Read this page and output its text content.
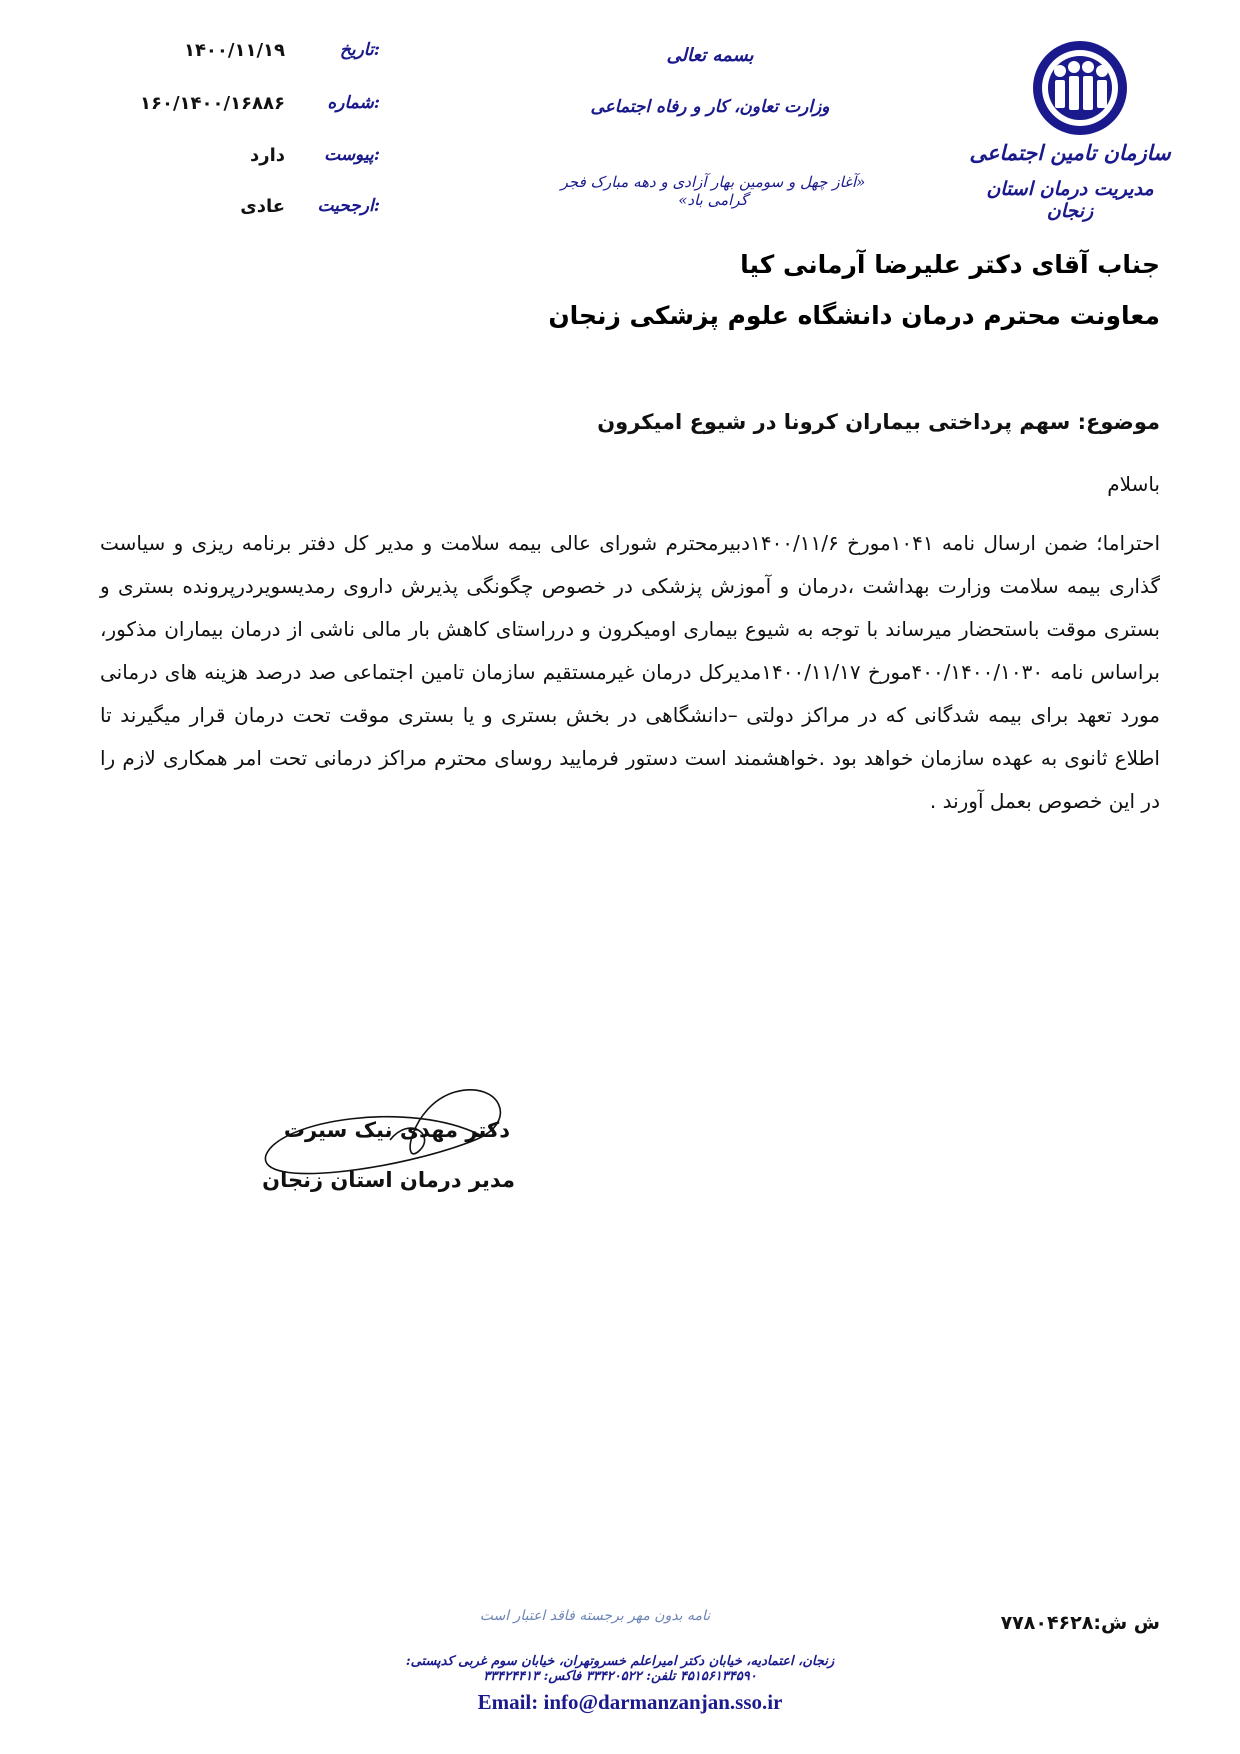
سازمان تامین اجتماعی
مدیریت درمان استان زنجان
بسمه تعالی
وزارت تعاون، کار و رفاه اجتماعی
«آغاز چهل و سومین بهار آزادی و دهه مبارک فجر گرامی باد»
تاریخ:
۱۴۰۰/۱۱/۱۹
شماره:
۱۶۰/۱۴۰۰/۱۶۸۸۶
پیوست:
دارد
ارجحیت:
عادی
جناب آقای دکتر علیرضا آرمانی کیا
معاونت محترم درمان دانشگاه علوم پزشکی زنجان
موضوع: سهم پرداختی بیماران کرونا در شیوع امیکرون
باسلام
احتراما؛ ضمن ارسال نامه ۱۰۴۱مورخ ۱۴۰۰/۱۱/۶دبیرمحترم شورای عالی بیمه سلامت و مدیر کل دفتر برنامه ریزی و سیاست گذاری بیمه سلامت وزارت بهداشت ،درمان و آموزش پزشکی در خصوص چگونگی پذیرش داروی رمدیسویردرپرونده بستری و بستری موقت باستحضار میرساند با توجه به شیوع بیماری اومیکرون و درراستای کاهش بار مالی ناشی از درمان بیماران مذکور، براساس نامه ۴۰۰/۱۴۰۰/۱۰۳۰مورخ ۱۴۰۰/۱۱/۱۷مدیرکل درمان غیرمستقیم سازمان تامین اجتماعی صد درصد هزینه های درمانی مورد تعهد برای بیمه شدگانی که در مراکز دولتی –دانشگاهی در بخش بستری و یا بستری موقت تحت درمان قرار میگیرند تا اطلاع ثانوی به عهده سازمان خواهد بود .خواهشمند است دستور فرمایید روسای محترم مراکز درمانی تحت امر همکاری لازم را در این خصوص بعمل آورند .
دکتر مهدی نیک سیرت
مدیر درمان استان زنجان
ش ش:۷۷۸۰۴۶۲۸
نامه بدون مهر برجسته فاقد اعتبار است
زنجان، اعتمادیه، خیابان دکتر امیراعلم خسروتهران، خیابان سوم غربی کدپستی: ۴۵۱۵۶۱۳۴۵۹۰ تلفن: ۳۳۴۲۰۵۲۲ فاکس: ۳۳۴۲۴۴۱۳
Email: info@darmanzanjan.sso.ir
